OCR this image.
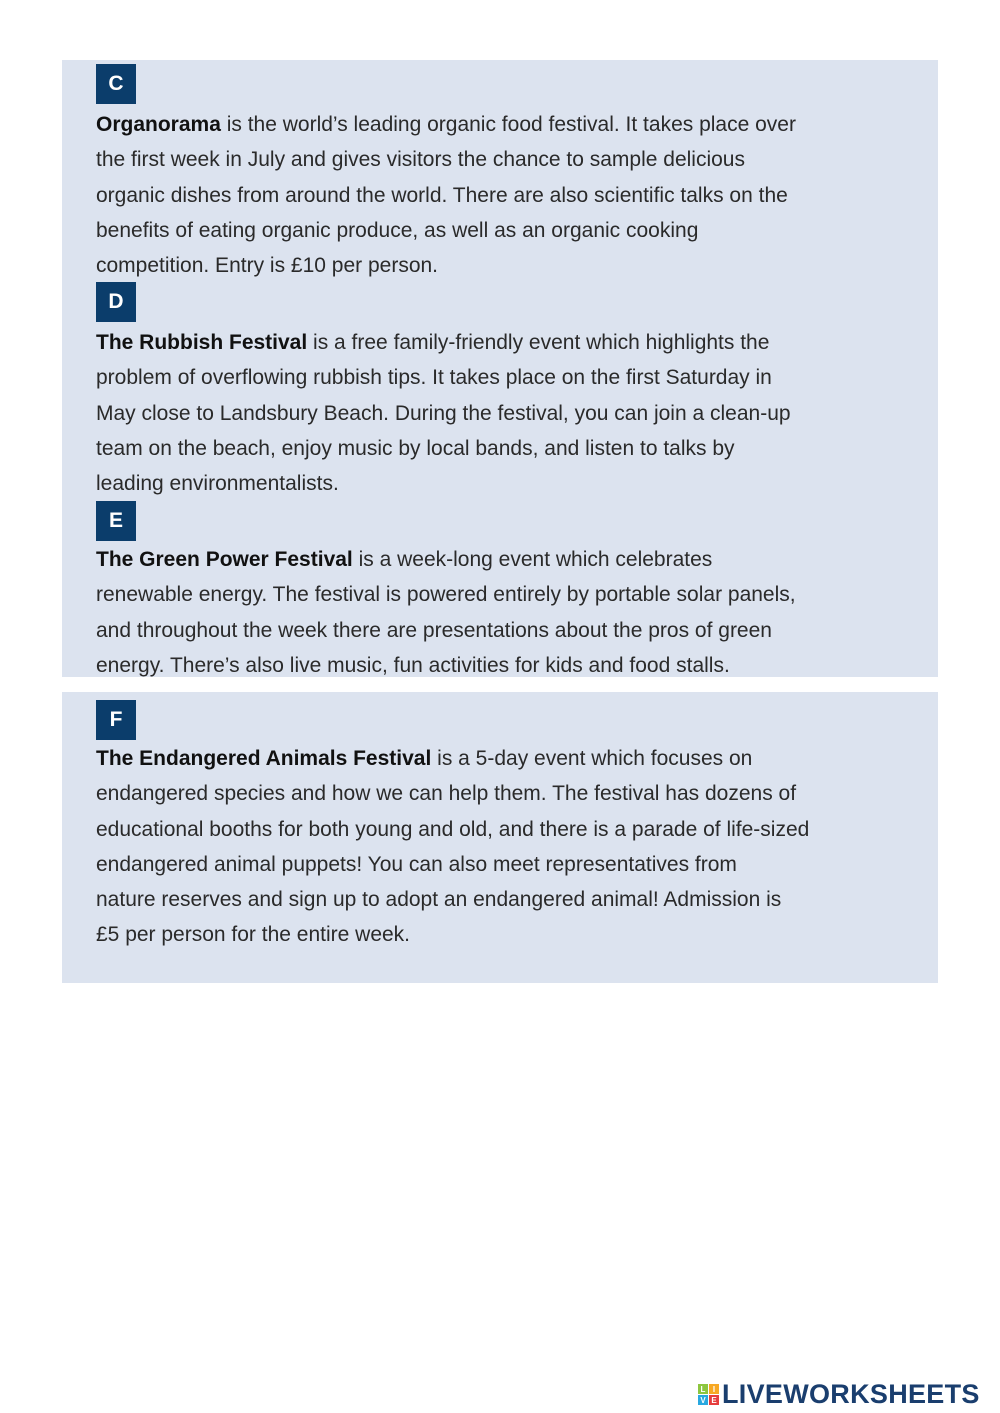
C
Organorama is the world’s leading organic food festival. It takes place over
the first week in July and gives visitors the chance to sample delicious
organic dishes from around the world. There are also scientific talks on the
benefits of eating organic produce, as well as an organic cooking
competition. Entry is £10 per person.
D
The Rubbish Festival is a free family-friendly event which highlights the
problem of overflowing rubbish tips. It takes place on the first Saturday in
May close to Landsbury Beach. During the festival, you can join a clean-up
team on the beach, enjoy music by local bands, and listen to talks by
leading environmentalists.
E
The Green Power Festival is a week-long event which celebrates
renewable energy. The festival is powered entirely by portable solar panels,
and throughout the week there are presentations about the pros of green
energy. There’s also live music, fun activities for kids and food stalls.
F
The Endangered Animals Festival is a 5-day event which focuses on
endangered species and how we can help them. The festival has dozens of
educational booths for both young and old, and there is a parade of life-sized
endangered animal puppets! You can also meet representatives from
nature reserves and sign up to adopt an endangered animal! Admission is
£5 per person for the entire week.
L I
V E LIVEWORKSHEETS
